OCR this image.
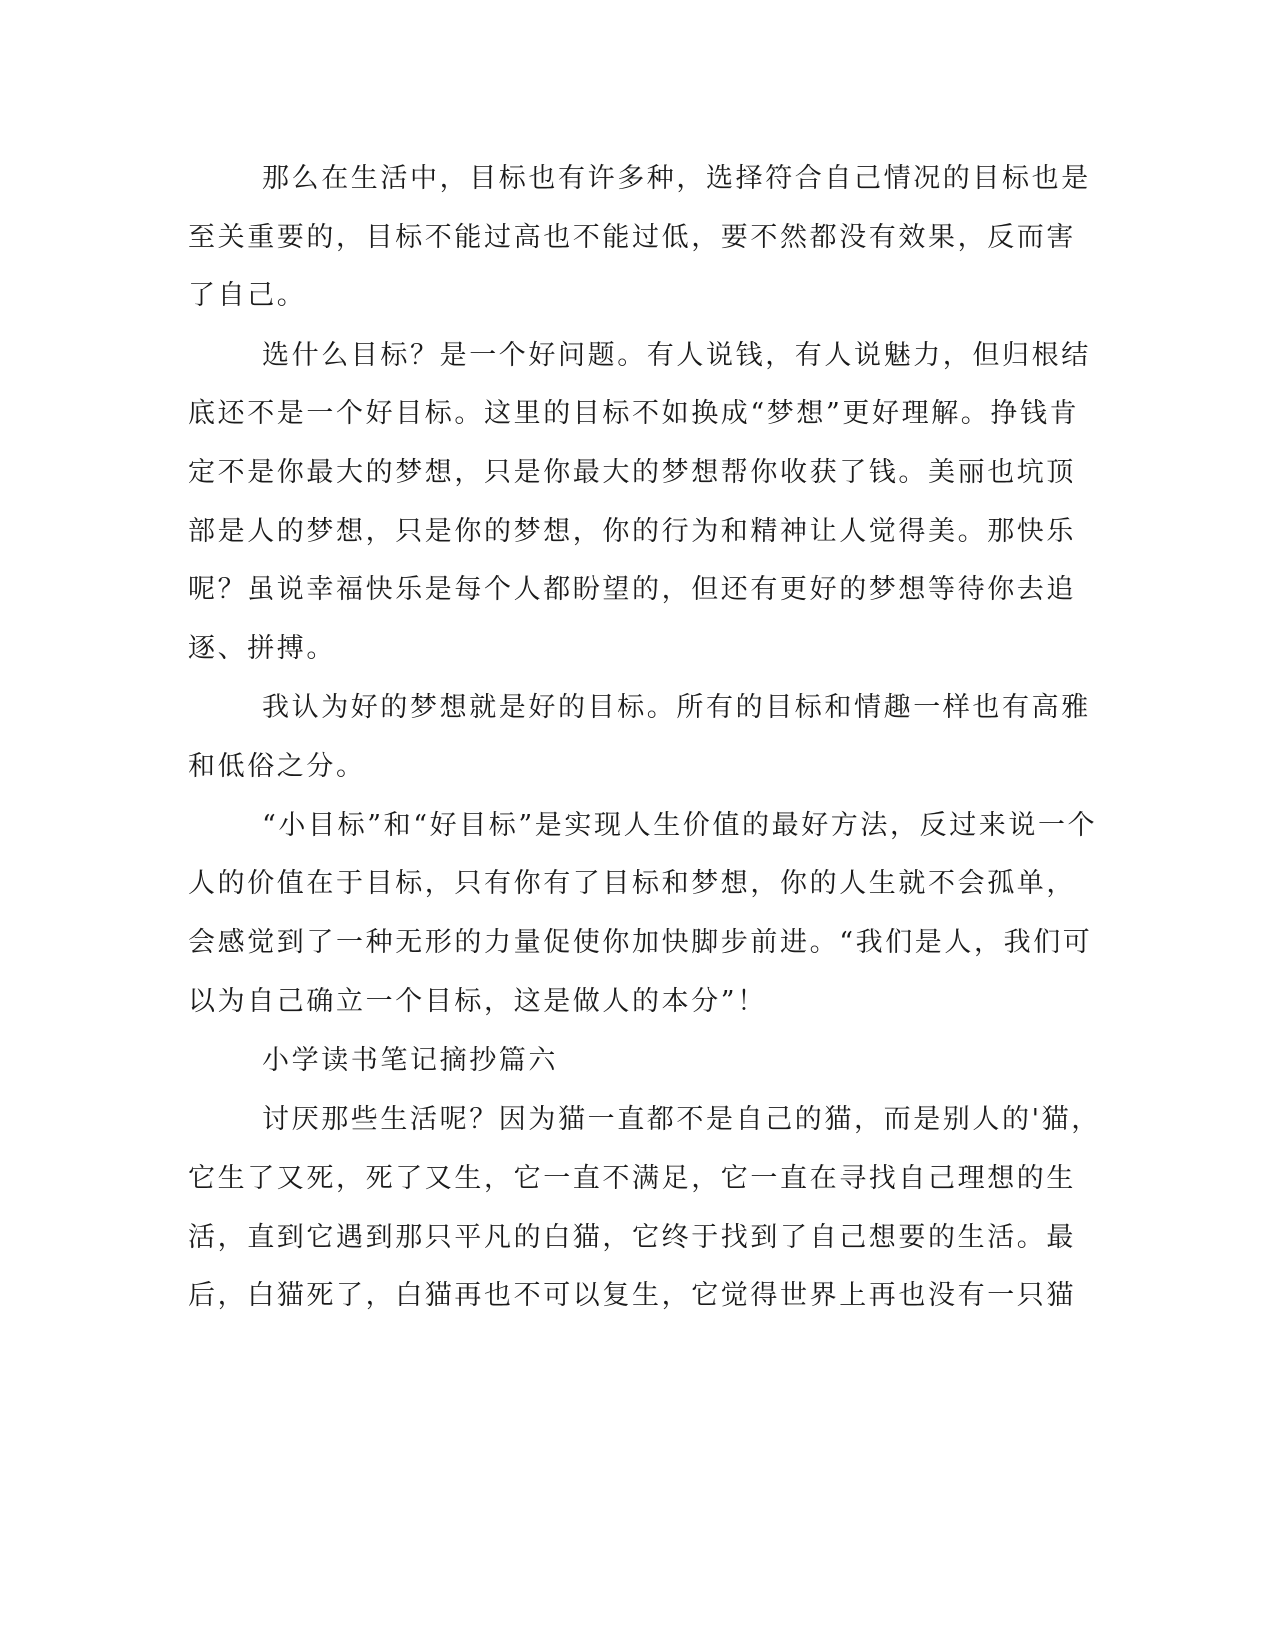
那么在生活中，目标也有许多种，选择符合自己情况的目标也是
至关重要的，目标不能过高也不能过低，要不然都没有效果，反而害
了自己。
选什么目标？是一个好问题。有人说钱，有人说魅力，但归根结
底还不是一个好目标。这里的目标不如换成“梦想”更好理解。挣钱肯
定不是你最大的梦想，只是你最大的梦想帮你收获了钱。美丽也坑顶
部是人的梦想，只是你的梦想，你的行为和精神让人觉得美。那快乐
呢？虽说幸福快乐是每个人都盼望的，但还有更好的梦想等待你去追
逐、拼搏。
我认为好的梦想就是好的目标。所有的目标和情趣一样也有高雅
和低俗之分。
“小目标”和“好目标”是实现人生价值的最好方法，反过来说一个
人的价值在于目标，只有你有了目标和梦想，你的人生就不会孤单，
会感觉到了一种无形的力量促使你加快脚步前进。“我们是人，我们可
以为自己确立一个目标，这是做人的本分”！
小学读书笔记摘抄篇六
讨厌那些生活呢？因为猫一直都不是自己的猫，而是别人的'猫，
它生了又死，死了又生，它一直不满足，它一直在寻找自己理想的生
活，直到它遇到那只平凡的白猫，它终于找到了自己想要的生活。最
后，白猫死了，白猫再也不可以复生，它觉得世界上再也没有一只猫
